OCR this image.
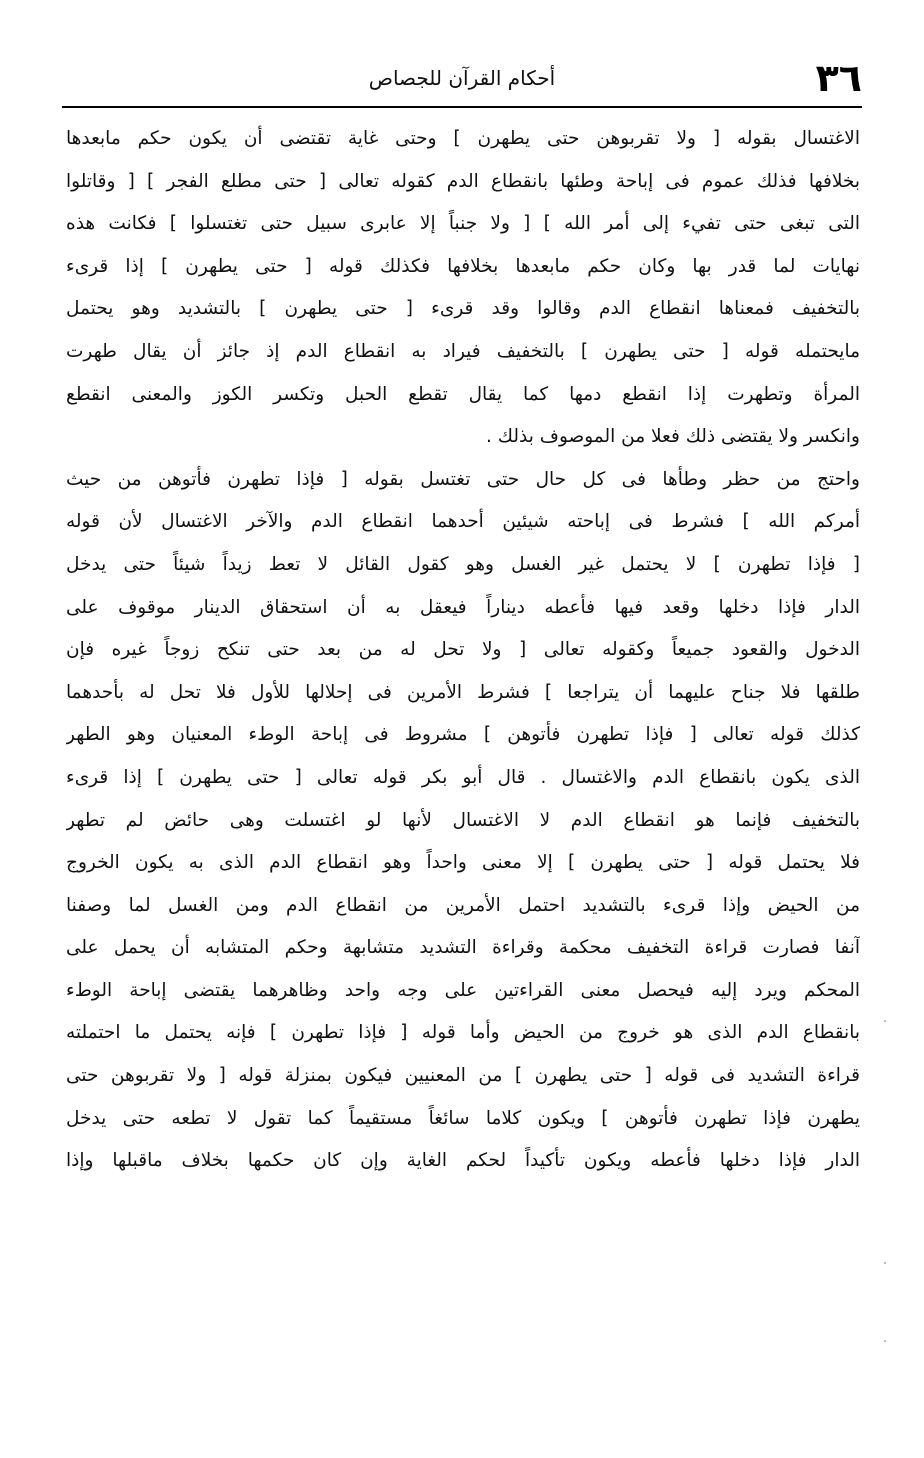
٣٦
أحكام القرآن للجصاص
الاغتسال بقوله [ ولا تقربوهن حتى يطهرن ] وحتى غاية تقتضى أن يكون حكم مابعدها
بخلافها فذلك عموم فى إباحة وطئها بانقطاع الدم كقوله تعالى [ حتى مطلع الفجر ] [ وقاتلوا
التى تبغى حتى تفيء إلى أمر الله ] [ ولا جنباً إلا عابرى سبيل حتى تغتسلوا ] فكانت هذه
نهايات لما قدر بها وكان حكم مابعدها بخلافها فكذلك قوله [ حتى يطهرن ] إذا قرىء
بالتخفيف فمعناها انقطاع الدم وقالوا وقد قرىء [ حتى يطهرن ] بالتشديد وهو يحتمل
مايحتمله قوله [ حتى يطهرن ] بالتخفيف فيراد به انقطاع الدم إذ جائز أن يقال طهرت
المرأة وتطهرت إذا انقطع دمها كما يقال تقطع الحبل وتكسر الكوز والمعنى انقطع
وانكسر ولا يقتضى ذلك فعلا من الموصوف بذلك .
واحتج من حظر وطأها فى كل حال حتى تغتسل بقوله [ فإذا تطهرن فأتوهن من حيث
أمركم الله ] فشرط فى إباحته شيئين أحدهما انقطاع الدم والآخر الاغتسال لأن قوله
[ فإذا تطهرن ] لا يحتمل غير الغسل وهو كقول القائل لا تعط زيداً شيئاً حتى يدخل
الدار فإذا دخلها وقعد فيها فأعطه ديناراً فيعقل به أن استحقاق الدينار موقوف على
الدخول والقعود جميعاً وكقوله تعالى [ ولا تحل له من بعد حتى تنكح زوجاً غيره فإن
طلقها فلا جناح عليهما أن يتراجعا ] فشرط الأمرين فى إحلالها للأول فلا تحل له بأحدهما
كذلك قوله تعالى [ فإذا تطهرن فأتوهن ] مشروط فى إباحة الوطء المعنيان وهو الطهر
الذى يكون بانقطاع الدم والاغتسال . قال أبو بكر قوله تعالى [ حتى يطهرن ] إذا قرىء
بالتخفيف فإنما هو انقطاع الدم لا الاغتسال لأنها لو اغتسلت وهى حائض لم تطهر
فلا يحتمل قوله [ حتى يطهرن ] إلا معنى واحداً وهو انقطاع الدم الذى به يكون الخروج
من الحيض وإذا قرىء بالتشديد احتمل الأمرين من انقطاع الدم ومن الغسل لما وصفنا
آنفا فصارت قراءة التخفيف محكمة وقراءة التشديد متشابهة وحكم المتشابه أن يحمل على
المحكم ويرد إليه فيحصل معنى القراءتين على وجه واحد وظاهرهما يقتضى إباحة الوطء
بانقطاع الدم الذى هو خروج من الحيض وأما قوله [ فإذا تطهرن ] فإنه يحتمل ما احتملته
قراءة التشديد فى قوله [ حتى يطهرن ] من المعنيين فيكون بمنزلة قوله [ ولا تقربوهن حتى
يطهرن فإذا تطهرن فأتوهن ] ويكون كلاما سائغاً مستقيماً كما تقول لا تطعه حتى يدخل
الدار فإذا دخلها فأعطه ويكون تأكيداً لحكم الغاية وإن كان حكمها بخلاف ماقبلها وإذا
